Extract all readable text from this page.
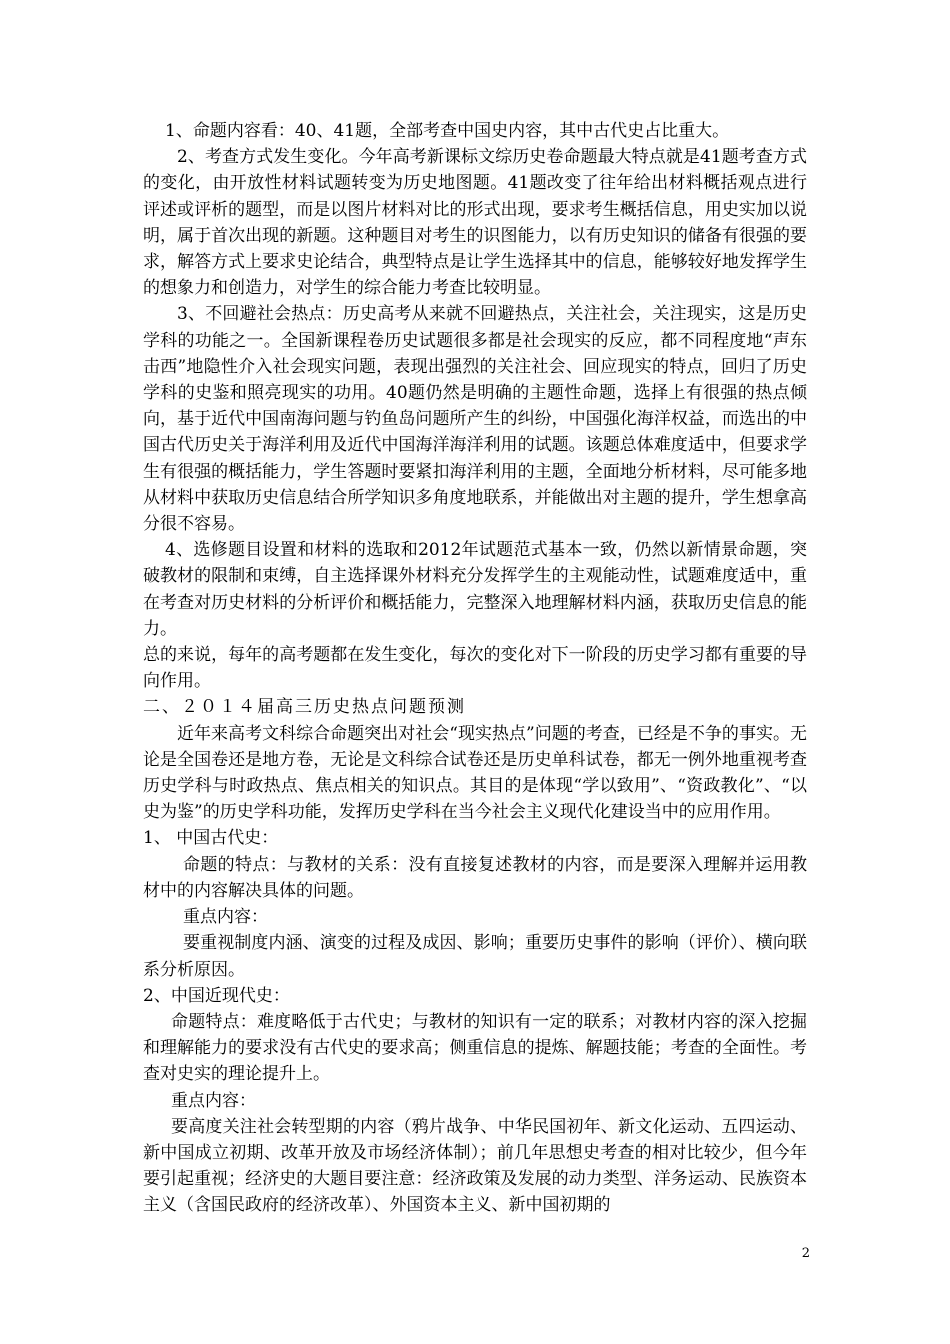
1、命题内容看：40、41题，全部考查中国史内容，其中古代史占比重大。

2、考查方式发生变化。今年高考新课标文综历史卷命题最大特点就是41题考查方式的变化，由开放性材料试题转变为历史地图题。41题改变了往年给出材料概括观点进行评述或评析的题型，而是以图片材料对比的形式出现，要求考生概括信息，用史实加以说明，属于首次出现的新题。这种题目对考生的识图能力，以有历史知识的储备有很强的要求，解答方式上要求史论结合，典型特点是让学生选择其中的信息，能够较好地发挥学生的想象力和创造力，对学生的综合能力考查比较明显。

3、不回避社会热点：历史高考从来就不回避热点，关注社会，关注现实，这是历史学科的功能之一。全国新课程卷历史试题很多都是社会现实的反应，都不同程度地“声东击西”地隐性介入社会现实问题，表现出强烈的关注社会、回应现实的特点，回归了历史学科的史鉴和照亮现实的功用。40题仍然是明确的主题性命题，选择上有很强的热点倾向，基于近代中国南海问题与钓鱼岛问题所产生的纠纷，中国强化海洋权益，而选出的中国古代历史关于海洋利用及近代中国海洋海洋利用的试题。该题总体难度适中，但要求学生有很强的概括能力，学生答题时要紧扣海洋利用的主题，全面地分析材料，尽可能多地从材料中获取历史信息结合所学知识多角度地联系，并能做出对主题的提升，学生想拿高分很不容易。

4、选修题目设置和材料的选取和2012年试题范式基本一致，仍然以新情景命题，突破教材的限制和束缚，自主选择课外材料充分发挥学生的主观能动性，试题难度适中，重在考查对历史材料的分析评价和概括能力，完整深入地理解材料内涵，获取历史信息的能力。

总的来说，每年的高考题都在发生变化，每次的变化对下一阶段的历史学习都有重要的导向作用。

二、２０１４届高三历史热点问题预测

近年来高考文科综合命题突出对社会“现实热点”问题的考查，已经是不争的事实。无论是全国卷还是地方卷，无论是文科综合试卷还是历史单科试卷，都无一例外地重视考查历史学科与时政热点、焦点相关的知识点。其目的是体现“学以致用”、“资政教化”、“以史为鉴”的历史学科功能，发挥历史学科在当今社会主义现代化建设当中的应用作用。

1、 中国古代史：

命题的特点：与教材的关系：没有直接复述教材的内容，而是要深入理解并运用教材中的内容解决具体的问题。

重点内容：

要重视制度内涵、演变的过程及成因、影响；重要历史事件的影响（评价）、横向联系分析原因。

2、中国近现代史：

命题特点：难度略低于古代史；与教材的知识有一定的联系；对教材内容的深入挖掘和理解能力的要求没有古代史的要求高；侧重信息的提炼、解题技能；考查的全面性。考查对史实的理论提升上。

重点内容：

要高度关注社会转型期的内容（鸦片战争、中华民国初年、新文化运动、五四运动、新中国成立初期、改革开放及市场经济体制）；前几年思想史考查的相对比较少，但今年要引起重视；经济史的大题目要注意：经济政策及发展的动力类型、洋务运动、民族资本主义（含国民政府的经济改革）、外国资本主义、新中国初期的

2
